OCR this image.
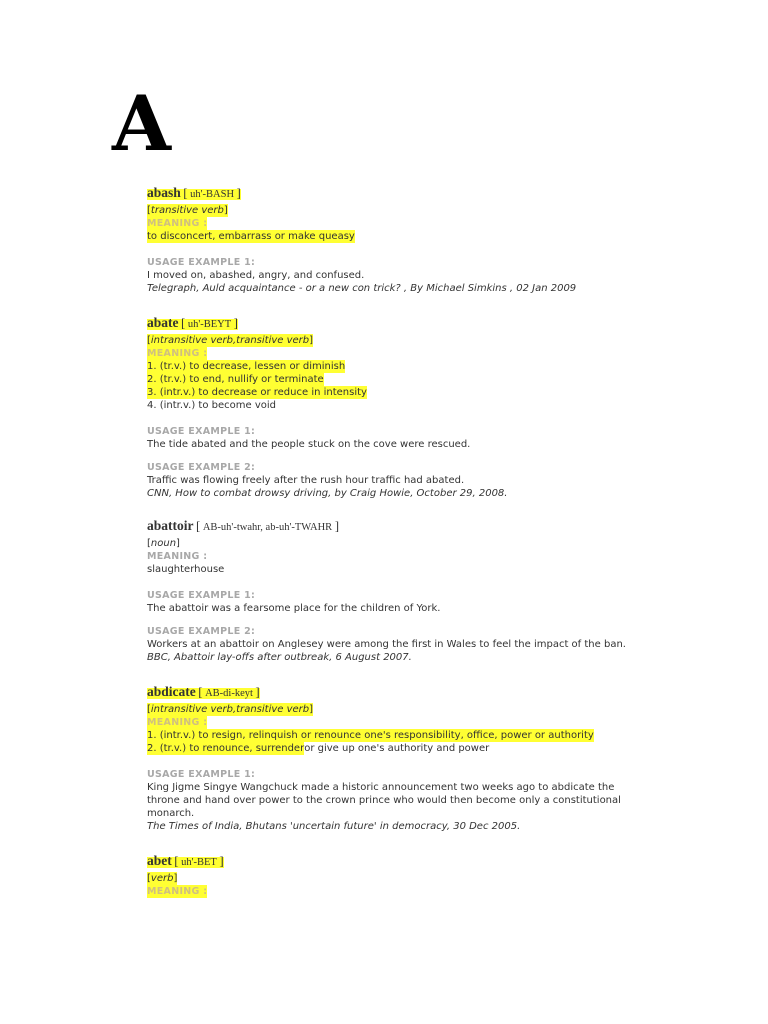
A
abash [ uh'-BASH ]
[transitive verb]
MEANING :
to disconcert, embarrass or make queasy
USAGE EXAMPLE 1:
I moved on, abashed, angry, and confused.
Telegraph, Auld acquaintance - or a new con trick? , By Michael Simkins , 02 Jan 2009
abate [ uh'-BEYT ]
[intransitive verb,transitive verb]
MEANING :
1. (tr.v.) to decrease, lessen or diminish
2. (tr.v.) to end, nullify or terminate
3. (intr.v.) to decrease or reduce in intensity
4. (intr.v.) to become void
USAGE EXAMPLE 1:
The tide abated and the people stuck on the cove were rescued.
USAGE EXAMPLE 2:
Traffic was flowing freely after the rush hour traffic had abated.
CNN, How to combat drowsy driving, by Craig Howie, October 29, 2008.
abattoir [ AB-uh'-twahr, ab-uh'-TWAHR ]
[noun]
MEANING :
slaughterhouse
USAGE EXAMPLE 1:
The abattoir was a fearsome place for the children of York.
USAGE EXAMPLE 2:
Workers at an abattoir on Anglesey were among the first in Wales to feel the impact of the ban.
BBC, Abattoir lay-offs after outbreak, 6 August 2007.
abdicate [ AB-di-keyt ]
[intransitive verb,transitive verb]
MEANING :
1. (intr.v.) to resign, relinquish or renounce one's responsibility, office, power or authority
2. (tr.v.) to renounce, surrenderor give up one's authority and power
USAGE EXAMPLE 1:
King Jigme Singye Wangchuck made a historic announcement two weeks ago to abdicate the
throne and hand over power to the crown prince who would then become only a constitutional
monarch.
The Times of India, Bhutans 'uncertain future' in democracy, 30 Dec 2005.
abet [ uh'-BET ]
[verb]
MEANING :
